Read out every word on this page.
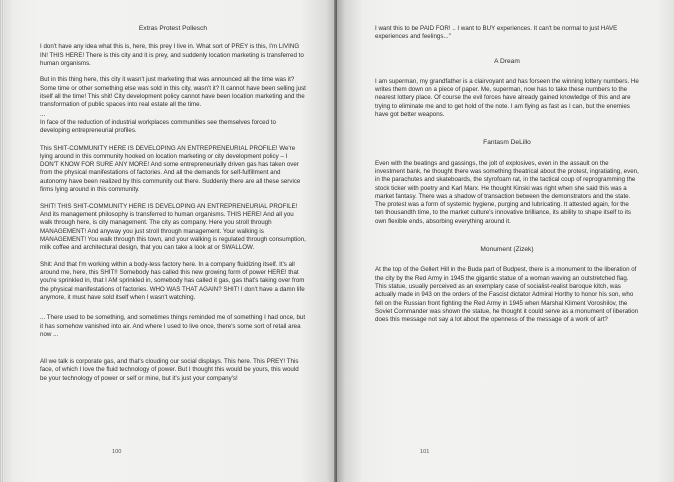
Extras Protest Pollesch

I don't have any idea what this is, here, this prey I live in. What sort of PREY is this, I'm LIVING IN! THIS HERE! There is this city and it is prey, and suddenly location marketing is transferred to human organisms.

But in this thing here, this city it wasn't just marketing that was announced all the time was it? Some time or other something else was sold in this city, wasn't it? It cannot have been selling just itself all the time! This shit! City development policy cannot have been location marketing and the transformation of public spaces into real estate all the time.

...

In face of the reduction of industrial workplaces communities see themselves forced to developing entrepreneurial profiles.

This SHIT-COMMUNITY HERE IS DEVELOPING AN ENTREPRENEURIAL PROFILE! We're lying around in this community hooked on location marketing or city development policy – I DON'T KNOW FOR SURE ANY MORE! And some entrepreneurially driven gas has taken over from the physical manifestations of factories. And all the demands for self-fulfillment and autonomy have been realized by this community out there. Suddenly there are all these service firms lying around in this community.

SHIT! THIS SHIT-COMMUNITY HERE IS DEVELOPING AN ENTREPRENEURIAL PROFILE! And its management philosophy is transferred to human organisms. THIS HERE! And all you walk through here, is city management. The city as company. Here you stroll through MANAGEMENT! And anyway you just stroll through management. Your walking is MANAGEMENT! You walk through this town, and your walking is regulated through consumption, milk coffee and architectural design, that you can take a look at or SWALLOW.

Shit: And that I'm working within a body-less factory here. In a company fluidizing itself. It's all around me, here, this SHIT!! Somebody has called this new growing form of power HERE! that you're sprinkled in, that I AM sprinkled in, somebody has called it gas, gas that's taking over from the physical manifestations of factories. WHO WAS THAT AGAIN? SHIT! I don't have a damn life anymore, it must have sold itself when I wasn't watching.

... There used to be something, and sometimes things reminded me of something I had once, but it has somehow vanished into air. And where I used to live once, there's some sort of retail area now ...

All we talk is corporate gas, and that's clouding our social displays. This here. This PREY! This face, of which I love the fluid technology of power. But I thought this would be yours, this would be your technology of power or self or mine, but it's just your company's!

100

I want this to be PAID FOR! .. I want to BUY experiences. It can't be normal to just HAVE experiences and feelings..."

A Dream

I am superman, my grandfather is a clairvoyant and has forseen the winning lottery numbers. He writes them down on a piece of paper. Me, superman, now has to take these numbers to the nearest lottery place. Of course the evil forces have already gained knowledge of this and are trying to eliminate me and to get hold of the note. I am flying as fast as I can, but the enemies have got better weapons.

Fantasm DeLillo

Even with the beatings and gassings, the jolt of explosives, even in the assault on the investment bank, he thought there was something theatrical about the protest, ingratiating, even, in the parachutes and skateboards, the styrofoam rat, in the tactical coup of reprogramming the stock ticker with poetry and Karl Marx. He thought Kinski was right when she said this was a market fantasy. There was a shadow of transaction between the demonstrators and the state. The protest was a form of systemic hygiene, purging and lubricating. It attested again, for the ten thousandth time, to the market culture's innovative brilliance, its ability to shape itself to its own flexible ends, absorbing everything around it.

Monument (Zizek)

At the top of the Gellert Hill in the Buda part of Budpest, there is a monument to the liberation of the city by the Red Army in 1945 the gigantic statue of a woman waving an outstretched flag. This statue, usually perceived as an exemplary case of socialist-realist baroque kitch, was actually made in 943 on the orders of the Fascist dictator Admiral Horthy to honor his son, who fell on the Russian front fighting the Red Army in 1945 when Marshal Kliment Voroshilov, the Soviet Commander was shown the statue, he thought it could serve as a monument of liberation does this message not say a lot about the openness of the message of a work of art?

101
